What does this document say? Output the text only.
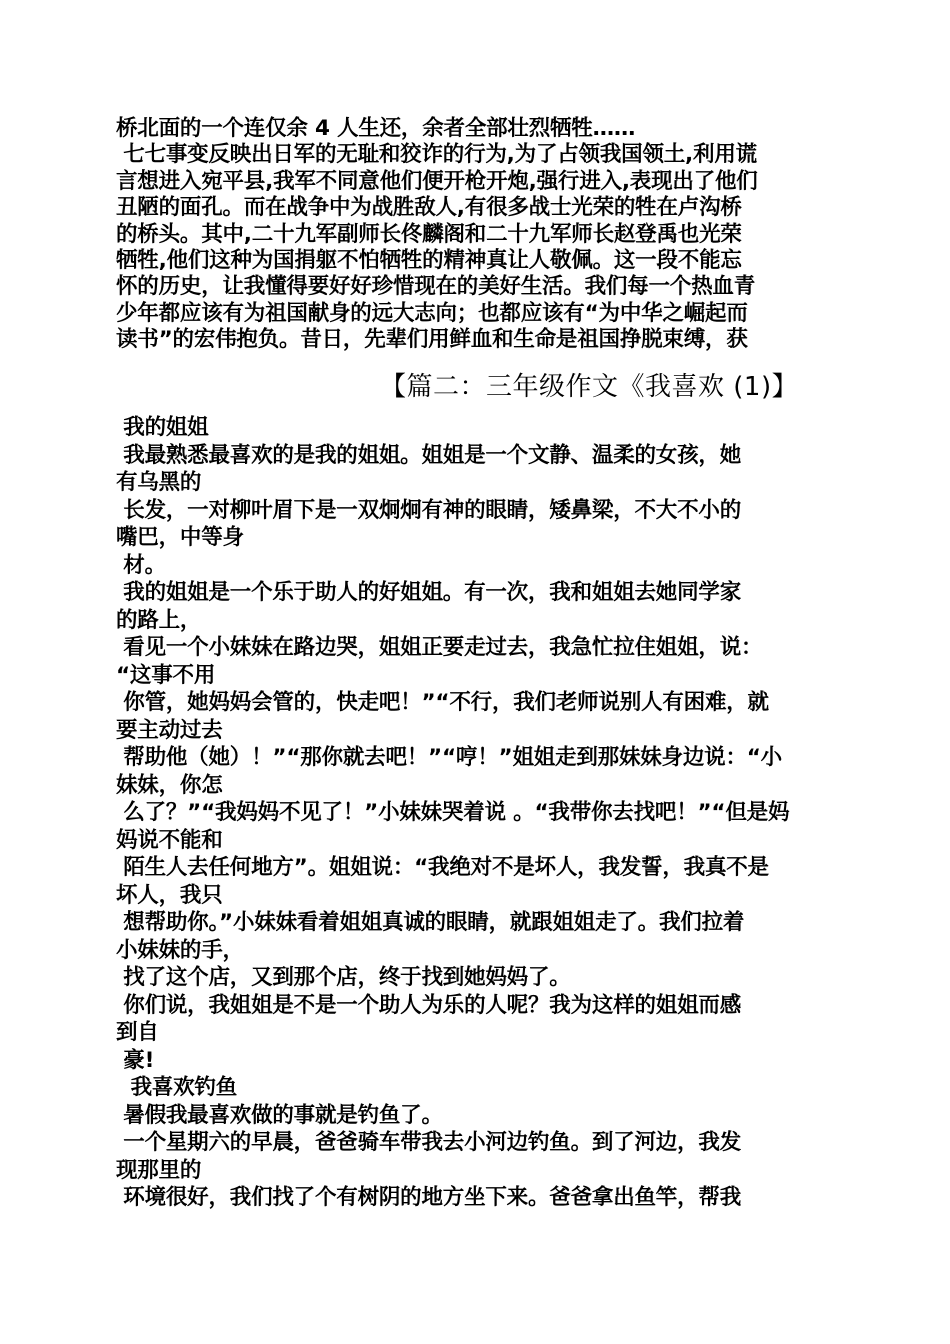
桥北面的一个连仅余 4 人生还，余者全部壮烈牺牲……
七七事变反映出日军的无耻和狡诈的行为,为了占领我国领土,利用谎
言想进入宛平县,我军不同意他们便开枪开炮,强行进入,表现出了他们
丑陋的面孔。而在战争中为战胜敌人,有很多战士光荣的牲在卢沟桥
的桥头。其中,二十九军副师长佟麟阁和二十九军师长赵登禹也光荣
牺牲,他们这种为国捐躯不怕牺牲的精神真让人敬佩。这一段不能忘
怀的历史，让我懂得要好好珍惜现在的美好生活。我们每一个热血青
少年都应该有为祖国献身的远大志向；也都应该有“为中华之崛起而
读书”的宏伟抱负。昔日，先辈们用鲜血和生命是祖国挣脱束缚，获
【篇二：三年级作文《我喜欢 (1)】
我的姐姐
我最熟悉最喜欢的是我的姐姐。姐姐是一个文静、温柔的女孩，她
有乌黑的
长发，一对柳叶眉下是一双炯炯有神的眼睛，矮鼻梁，不大不小的
嘴巴，中等身
材。
我的姐姐是一个乐于助人的好姐姐。有一次，我和姐姐去她同学家
的路上，
看见一个小妹妹在路边哭，姐姐正要走过去，我急忙拉住姐姐，说：
“这事不用
你管，她妈妈会管的，快走吧！”“不行，我们老师说别人有困难，就
要主动过去
帮助他（她）！”“那你就去吧！”“哼！”姐姐走到那妹妹身边说：“小
妹妹，你怎
么了？”“我妈妈不见了！”小妹妹哭着说 。“我带你去找吧！”“但是妈
妈说不能和
陌生人去任何地方”。姐姐说：“我绝对不是坏人，我发誓，我真不是
坏人，我只
想帮助你。”小妹妹看着姐姐真诚的眼睛，就跟姐姐走了。我们拉着
小妹妹的手，
找了这个店，又到那个店，终于找到她妈妈了。
你们说，我姐姐是不是一个助人为乐的人呢？我为这样的姐姐而感
到自
豪!
我喜欢钓鱼
暑假我最喜欢做的事就是钓鱼了。
一个星期六的早晨，爸爸骑车带我去小河边钓鱼。到了河边，我发
现那里的
环境很好，我们找了个有树阴的地方坐下来。爸爸拿出鱼竿，帮我
